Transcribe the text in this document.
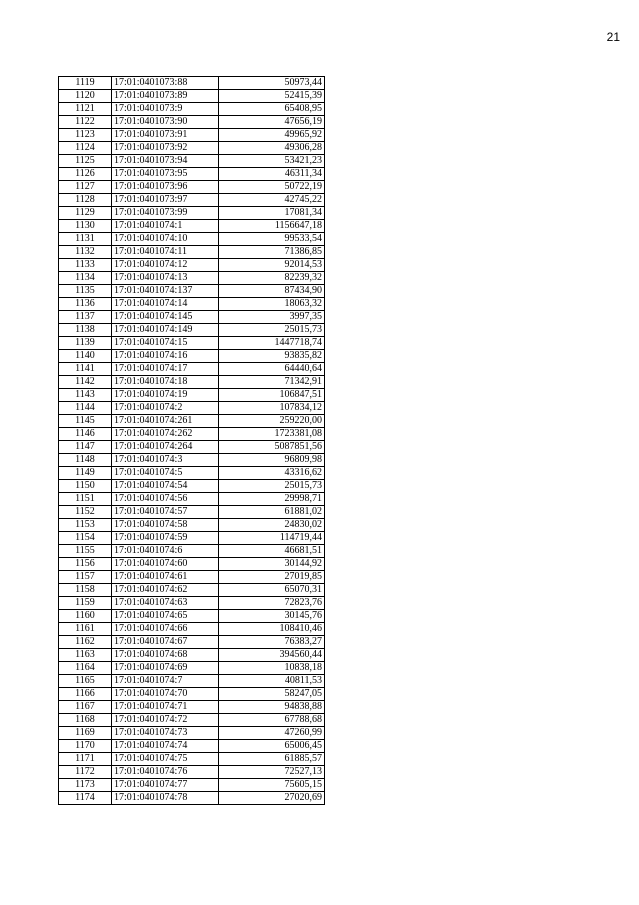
21
1119	17:01:0401073:88	50973,44
1120	17:01:0401073:89	52415,39
1121	17:01:0401073:9	65408,95
1122	17:01:0401073:90	47656,19
1123	17:01:0401073:91	49965,92
1124	17:01:0401073:92	49306,28
1125	17:01:0401073:94	53421,23
1126	17:01:0401073:95	46311,34
1127	17:01:0401073:96	50722,19
1128	17:01:0401073:97	42745,22
1129	17:01:0401073:99	17081,34
1130	17:01:0401074:1	1156647,18
1131	17:01:0401074:10	99533,54
1132	17:01:0401074:11	71386,85
1133	17:01:0401074:12	92014,53
1134	17:01:0401074:13	82239,32
1135	17:01:0401074:137	87434,90
1136	17:01:0401074:14	18063,32
1137	17:01:0401074:145	3997,35
1138	17:01:0401074:149	25015,73
1139	17:01:0401074:15	1447718,74
1140	17:01:0401074:16	93835,82
1141	17:01:0401074:17	64440,64
1142	17:01:0401074:18	71342,91
1143	17:01:0401074:19	106847,51
1144	17:01:0401074:2	107834,12
1145	17:01:0401074:261	259220,00
1146	17:01:0401074:262	1723381,08
1147	17:01:0401074:264	5087851,56
1148	17:01:0401074:3	96809,98
1149	17:01:0401074:5	43316,62
1150	17:01:0401074:54	25015,73
1151	17:01:0401074:56	29998,71
1152	17:01:0401074:57	61881,02
1153	17:01:0401074:58	24830,02
1154	17:01:0401074:59	114719,44
1155	17:01:0401074:6	46681,51
1156	17:01:0401074:60	30144,92
1157	17:01:0401074:61	27019,85
1158	17:01:0401074:62	65070,31
1159	17:01:0401074:63	72823,76
1160	17:01:0401074:65	30145,76
1161	17:01:0401074:66	108410,46
1162	17:01:0401074:67	76383,27
1163	17:01:0401074:68	394560,44
1164	17:01:0401074:69	10838,18
1165	17:01:0401074:7	40811,53
1166	17:01:0401074:70	58247,05
1167	17:01:0401074:71	94838,88
1168	17:01:0401074:72	67788,68
1169	17:01:0401074:73	47260,99
1170	17:01:0401074:74	65006,45
1171	17:01:0401074:75	61885,57
1172	17:01:0401074:76	72527,13
1173	17:01:0401074:77	75605,15
1174	17:01:0401074:78	27020,69
